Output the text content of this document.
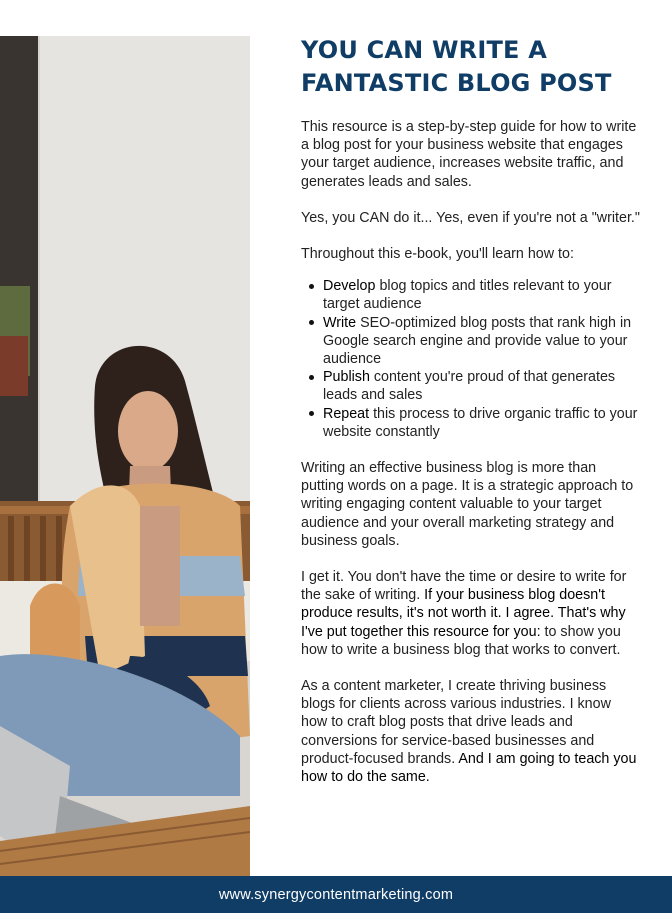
YOU CAN WRITE A
FANTASTIC BLOG POST

This resource is a step-by-step guide for how to write a blog post for your business website that engages your target audience, increases website traffic, and generates leads and sales.

Yes, you CAN do it... Yes, even if you're not a "writer."

Throughout this e-book, you'll learn how to:

Develop blog topics and titles relevant to your target audience
Write SEO-optimized blog posts that rank high in Google search engine and provide value to your audience
Publish content you're proud of that generates leads and sales
Repeat this process to drive organic traffic to your website constantly

Writing an effective business blog is more than putting words on a page. It is a strategic approach to writing engaging content valuable to your target audience and your overall marketing strategy and business goals.

I get it. You don't have the time or desire to write for the sake of writing. If your business blog doesn't produce results, it's not worth it. I agree. That's why I've put together this resource for you: to show you how to write a business blog that works to convert.

As a content marketer, I create thriving business blogs for clients across various industries. I know how to craft blog posts that drive leads and conversions for service-based businesses and product-focused brands. And I am going to teach you how to do the same.

www.synergycontentmarketing.com
